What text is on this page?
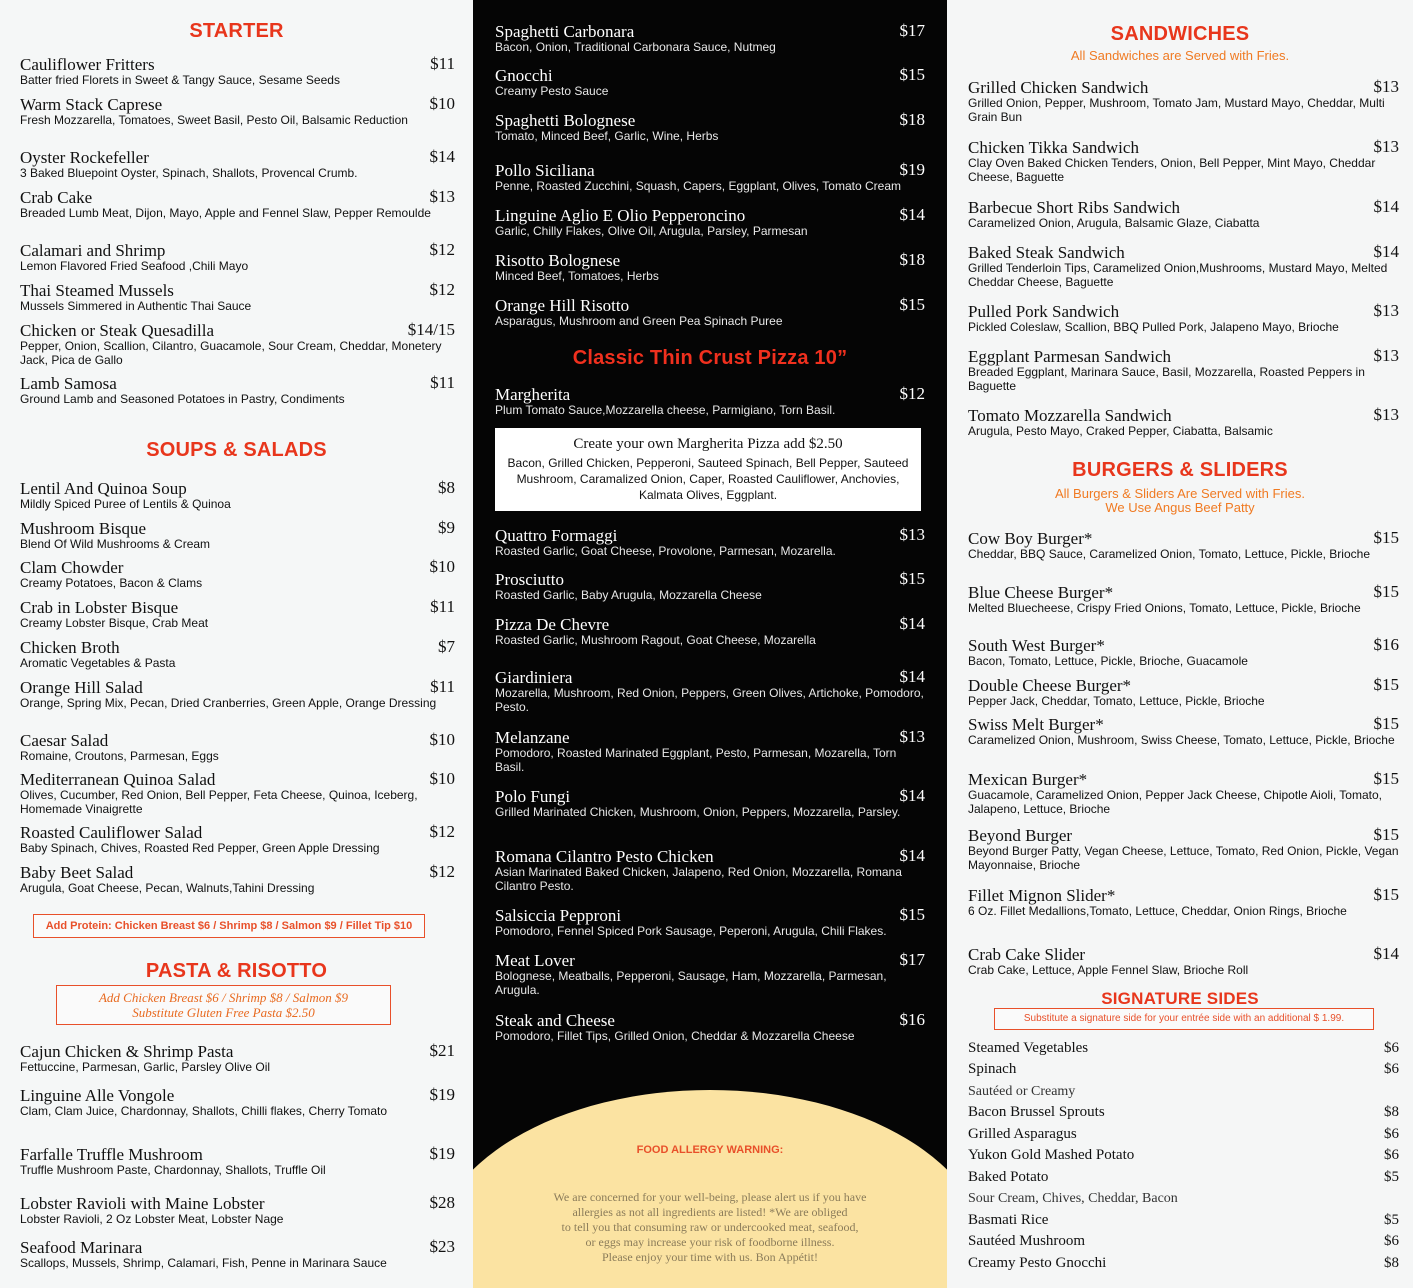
STARTER
Cauliflower Fritters
Batter fried Florets in Sweet & Tangy Sauce, Sesame Seeds
$11
Warm Stack Caprese
Fresh Mozzarella, Tomatoes, Sweet Basil, Pesto Oil, Balsamic Reduction
$10
Oyster Rockefeller
3 Baked Bluepoint Oyster, Spinach, Shallots, Provencal Crumb.
$14
Crab Cake
Breaded Lumb Meat, Dijon, Mayo, Apple and Fennel Slaw, Pepper Remoulde
$13
Calamari and Shrimp
Lemon Flavored Fried Seafood ,Chili Mayo
$12
Thai Steamed Mussels
Mussels Simmered in Authentic Thai Sauce
$12
Chicken or Steak Quesadilla
Pepper, Onion, Scallion, Cilantro, Guacamole, Sour Cream, Cheddar, Monetery Jack, Pica de Gallo
$14/15
Lamb Samosa
Ground Lamb and Seasoned Potatoes in Pastry, Condiments
$11
SOUPS & SALADS
Lentil And Quinoa Soup
Mildly Spiced Puree of Lentils & Quinoa
$8
Mushroom Bisque
Blend Of Wild Mushrooms & Cream
$9
Clam Chowder
Creamy Potatoes, Bacon & Clams
$10
Crab in Lobster Bisque
Creamy Lobster Bisque, Crab Meat
$11
Chicken Broth
Aromatic Vegetables & Pasta
$7
Orange Hill Salad
Orange, Spring Mix, Pecan, Dried Cranberries, Green Apple, Orange Dressing
$11
Caesar Salad
Romaine, Croutons, Parmesan, Eggs
$10
Mediterranean Quinoa Salad
Olives, Cucumber, Red Onion, Bell Pepper, Feta Cheese, Quinoa, Iceberg, Homemade Vinaigrette
$10
Roasted Cauliflower Salad
Baby Spinach, Chives, Roasted Red Pepper, Green Apple Dressing
$12
Baby Beet Salad
Arugula, Goat Cheese, Pecan, Walnuts,Tahini Dressing
$12
Add Protein: Chicken Breast $6 / Shrimp $8 / Salmon $9 / Fillet Tip $10
PASTA & RISOTTO
Add Chicken Breast $6 / Shrimp $8 / Salmon $9
Substitute Gluten Free Pasta $2.50
Cajun Chicken & Shrimp Pasta
Fettuccine, Parmesan, Garlic, Parsley Olive Oil
$21
Linguine Alle Vongole
Clam, Clam Juice, Chardonnay, Shallots, Chilli flakes, Cherry Tomato
$19
Farfalle Truffle Mushroom
Truffle Mushroom Paste, Chardonnay, Shallots, Truffle Oil
$19
Lobster Ravioli with Maine Lobster
Lobster Ravioli, 2 Oz Lobster Meat, Lobster Nage
$28
Seafood Marinara
Scallops, Mussels, Shrimp, Calamari, Fish, Penne in Marinara Sauce
$23
Spaghetti Carbonara
Bacon, Onion, Traditional Carbonara Sauce, Nutmeg
$17
Gnocchi
Creamy Pesto Sauce
$15
Spaghetti Bolognese
Tomato, Minced Beef, Garlic, Wine, Herbs
$18
Pollo Siciliana
Penne, Roasted Zucchini, Squash, Capers, Eggplant, Olives, Tomato Cream
$19
Linguine Aglio E Olio Pepperoncino
Garlic, Chilly Flakes, Olive Oil, Arugula, Parsley, Parmesan
$14
Risotto Bolognese
Minced Beef, Tomatoes, Herbs
$18
Orange Hill Risotto
Asparagus, Mushroom and Green Pea Spinach Puree
$15
Classic Thin Crust Pizza 10”
Margherita
Plum Tomato Sauce,Mozzarella cheese, Parmigiano, Torn Basil.
$12
Create your own Margherita Pizza add $2.50
Bacon, Grilled Chicken, Pepperoni, Sauteed Spinach, Bell Pepper, Sauteed Mushroom, Caramalized Onion, Caper, Roasted Cauliflower, Anchovies, Kalmata Olives, Eggplant.
Quattro Formaggi
Roasted Garlic, Goat Cheese, Provolone, Parmesan, Mozarella.
$13
Prosciutto
Roasted Garlic, Baby Arugula, Mozzarella Cheese
$15
Pizza De Chevre
Roasted Garlic, Mushroom Ragout, Goat Cheese, Mozarella
$14
Giardiniera
Mozarella, Mushroom, Red Onion, Peppers, Green Olives, Artichoke, Pomodoro, Pesto.
$14
Melanzane
Pomodoro, Roasted Marinated Eggplant, Pesto, Parmesan, Mozarella, Torn Basil.
$13
Polo Fungi
Grilled Marinated Chicken, Mushroom, Onion, Peppers, Mozzarella, Parsley.
$14
Romana Cilantro Pesto Chicken
Asian Marinated Baked Chicken, Jalapeno, Red Onion, Mozzarella, Romana Cilantro Pesto.
$14
Salsiccia Pepproni
Pomodoro, Fennel Spiced Pork Sausage, Peperoni, Arugula, Chili Flakes.
$15
Meat Lover
Bolognese, Meatballs, Pepperoni, Sausage, Ham, Mozzarella, Parmesan, Arugula.
$17
Steak and Cheese
Pomodoro, Fillet Tips, Grilled Onion, Cheddar & Mozzarella Cheese
$16
FOOD ALLERGY WARNING:
We are concerned for your well-being, please alert us if you have
allergies as not all ingredients are listed! *We are obliged
to tell you that consuming raw or undercooked meat, seafood,
or eggs may increase your risk of foodborne illness.
Please enjoy your time with us. Bon Appétit!
SANDWICHES
All Sandwiches are Served with Fries.
Grilled Chicken Sandwich
Grilled Onion, Pepper, Mushroom, Tomato Jam, Mustard Mayo, Cheddar, Multi Grain Bun
$13
Chicken Tikka Sandwich
Clay Oven Baked Chicken Tenders, Onion, Bell Pepper, Mint Mayo, Cheddar Cheese, Baguette
$13
Barbecue Short Ribs Sandwich
Caramelized Onion, Arugula, Balsamic Glaze, Ciabatta
$14
Baked Steak Sandwich
Grilled Tenderloin Tips, Caramelized Onion,Mushrooms, Mustard Mayo, Melted Cheddar Cheese, Baguette
$14
Pulled Pork Sandwich
Pickled Coleslaw, Scallion, BBQ Pulled Pork, Jalapeno Mayo, Brioche
$13
Eggplant Parmesan Sandwich
Breaded Eggplant, Marinara Sauce, Basil, Mozzarella, Roasted Peppers in Baguette
$13
Tomato Mozzarella Sandwich
Arugula, Pesto Mayo, Craked Pepper, Ciabatta, Balsamic
$13
BURGERS & SLIDERS
All Burgers & Sliders Are Served with Fries.
We Use Angus Beef Patty
Cow Boy Burger*
Cheddar, BBQ Sauce, Caramelized Onion, Tomato, Lettuce, Pickle, Brioche
$15
Blue Cheese Burger*
Melted Bluecheese, Crispy Fried Onions, Tomato, Lettuce, Pickle, Brioche
$15
South West Burger*
Bacon, Tomato, Lettuce, Pickle, Brioche, Guacamole
$16
Double Cheese Burger*
Pepper Jack, Cheddar, Tomato, Lettuce, Pickle, Brioche
$15
Swiss Melt Burger*
Caramelized Onion, Mushroom, Swiss Cheese, Tomato, Lettuce, Pickle, Brioche
$15
Mexican Burger*
Guacamole, Caramelized Onion, Pepper Jack Cheese, Chipotle Aioli, Tomato, Jalapeno, Lettuce, Brioche
$15
Beyond Burger
Beyond Burger Patty, Vegan Cheese, Lettuce, Tomato, Red Onion, Pickle, Vegan Mayonnaise, Brioche
$15
Fillet Mignon Slider*
6 Oz. Fillet Medallions,Tomato, Lettuce, Cheddar, Onion Rings, Brioche
$15
Crab Cake Slider
Crab Cake, Lettuce, Apple Fennel Slaw, Brioche Roll
$14
SIGNATURE SIDES
Substitute a signature side for your entrée side with an additional $ 1.99.
Steamed Vegetables	$6
Spinach	$6
Sautéed or Creamy
Bacon Brussel Sprouts	$8
Grilled Asparagus	$6
Yukon Gold Mashed Potato	$6
Baked Potato	$5
Sour Cream, Chives, Cheddar, Bacon
Basmati Rice	$5
Sautéed Mushroom	$6
Creamy Pesto Gnocchi	$8
